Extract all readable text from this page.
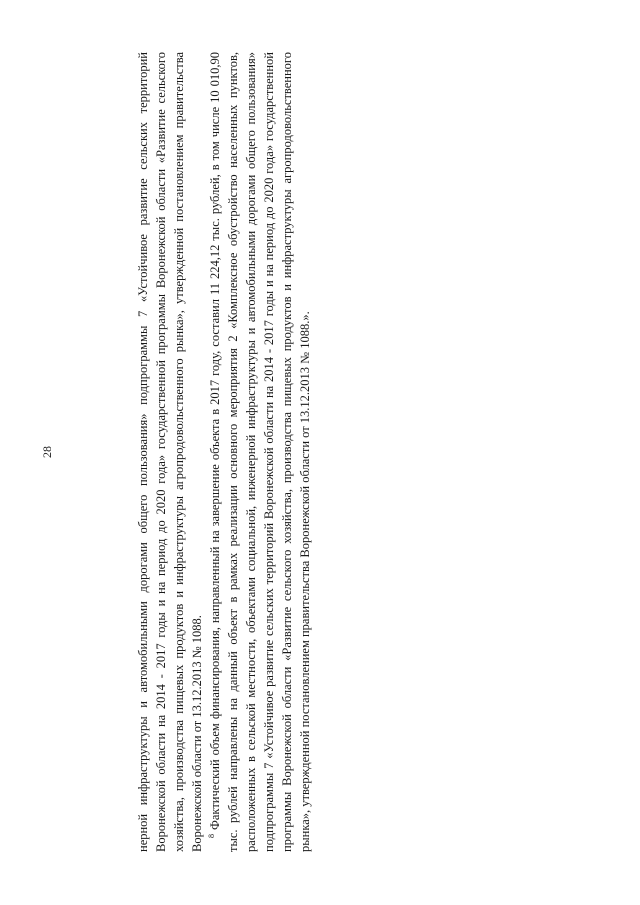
28	нерной инфраструктуры и автомобильными дорогами общего пользования» подпрограммы 7 «Устойчивое развитие сельских территорий Воронежской области на 2014 - 2017 годы и на период до 2020 года» государственной программы Воронежской области «Развитие сельского хозяйства, производства пищевых продуктов и инфраструктуры агропродовольственного рынка», утвержденной постановлением правительства Воронежской области от 13.12.2013 № 1088. $^8$ Фактический объем финансирования, направленный на завершение объекта в 2017 году, составил 11 224,12 тыс. рублей, в том числе 10 010,90 тыс. рублей направлены на данный объект в рамках реализации основного мероприятия 2 «Комплексное обустройство населенных пунктов, расположенных в сельской местности, объектами социальной, инженерной инфраструктуры и автомобильными дорогами общего пользования» подпрограммы 7 «Устойчивое развитие сельских территорий Воронежской области на 2014 - 2017 годы и на период до 2020 года» государственной программы Воронежской области «Развитие сельского хозяйства, производства пищевых продуктов и инфраструктуры агропродовольственного рынка», утвержденной постановлением правительства Воронежской области от 13.12.2013 № 1088.».
